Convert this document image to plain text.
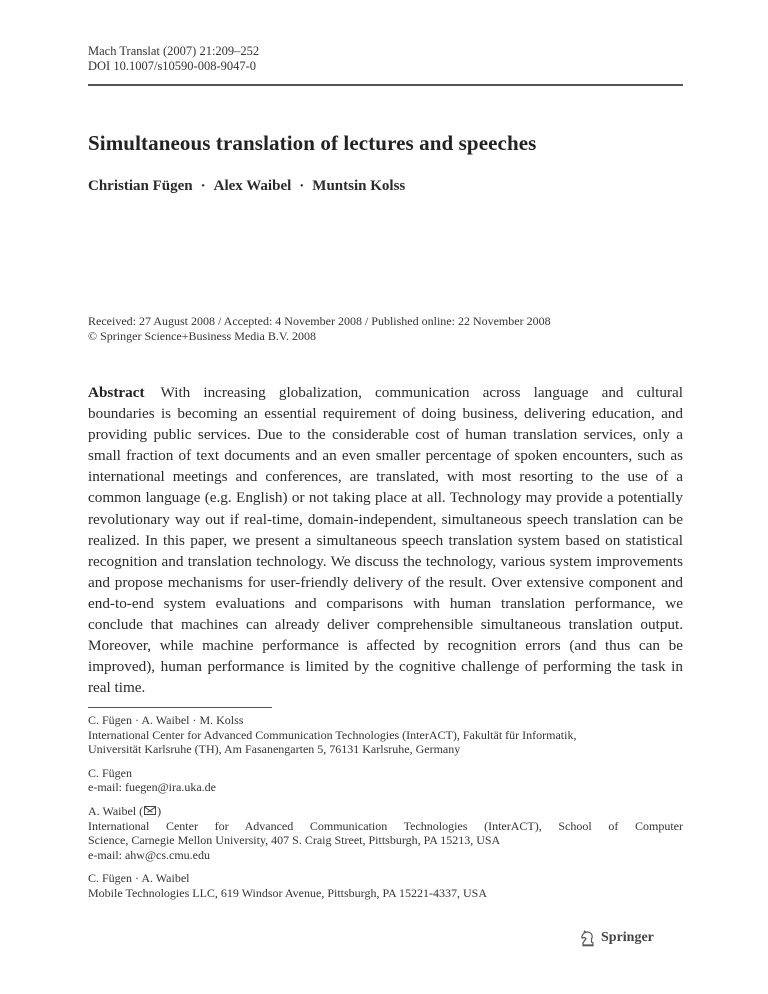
Mach Translat (2007) 21:209–252
DOI 10.1007/s10590-008-9047-0
Simultaneous translation of lectures and speeches
Christian Fügen · Alex Waibel · Muntsin Kolss
Received: 27 August 2008 / Accepted: 4 November 2008 / Published online: 22 November 2008
© Springer Science+Business Media B.V. 2008

Abstract With increasing globalization, communication across language and cultural boundaries is becoming an essential requirement of doing business, delivering education, and providing public services. Due to the considerable cost of human translation services, only a small fraction of text documents and an even smaller percentage of spoken encounters, such as international meetings and conferences, are translated, with most resorting to the use of a common language (e.g. English) or not taking place at all. Technology may provide a potentially revolutionary way out if real-time, domain-independent, simultaneous speech translation can be realized. In this paper, we present a simultaneous speech translation system based on statistical recognition and translation technology. We discuss the technology, various system improvements and propose mechanisms for user-friendly delivery of the result. Over extensive component and end-to-end system evaluations and comparisons with human translation performance, we conclude that machines can already deliver comprehensible simultaneous translation output. Moreover, while machine performance is affected by recognition errors (and thus can be improved), human performance is limited by the cognitive challenge of performing the task in real time.

C. Fügen · A. Waibel · M. Kolss
International Center for Advanced Communication Technologies (InterACT), Fakultät für Informatik,
Universität Karlsruhe (TH), Am Fasanengarten 5, 76131 Karlsruhe, Germany
C. Fügen
e-mail: fuegen@ira.uka.de
A. Waibel ( )
International Center for Advanced Communication Technologies (InterACT), School of Computer
Science, Carnegie Mellon University, 407 S. Craig Street, Pittsburgh, PA 15213, USA
e-mail: ahw@cs.cmu.edu
C. Fügen · A. Waibel
Mobile Technologies LLC, 619 Windsor Avenue, Pittsburgh, PA 15221-4337, USA
Springer
